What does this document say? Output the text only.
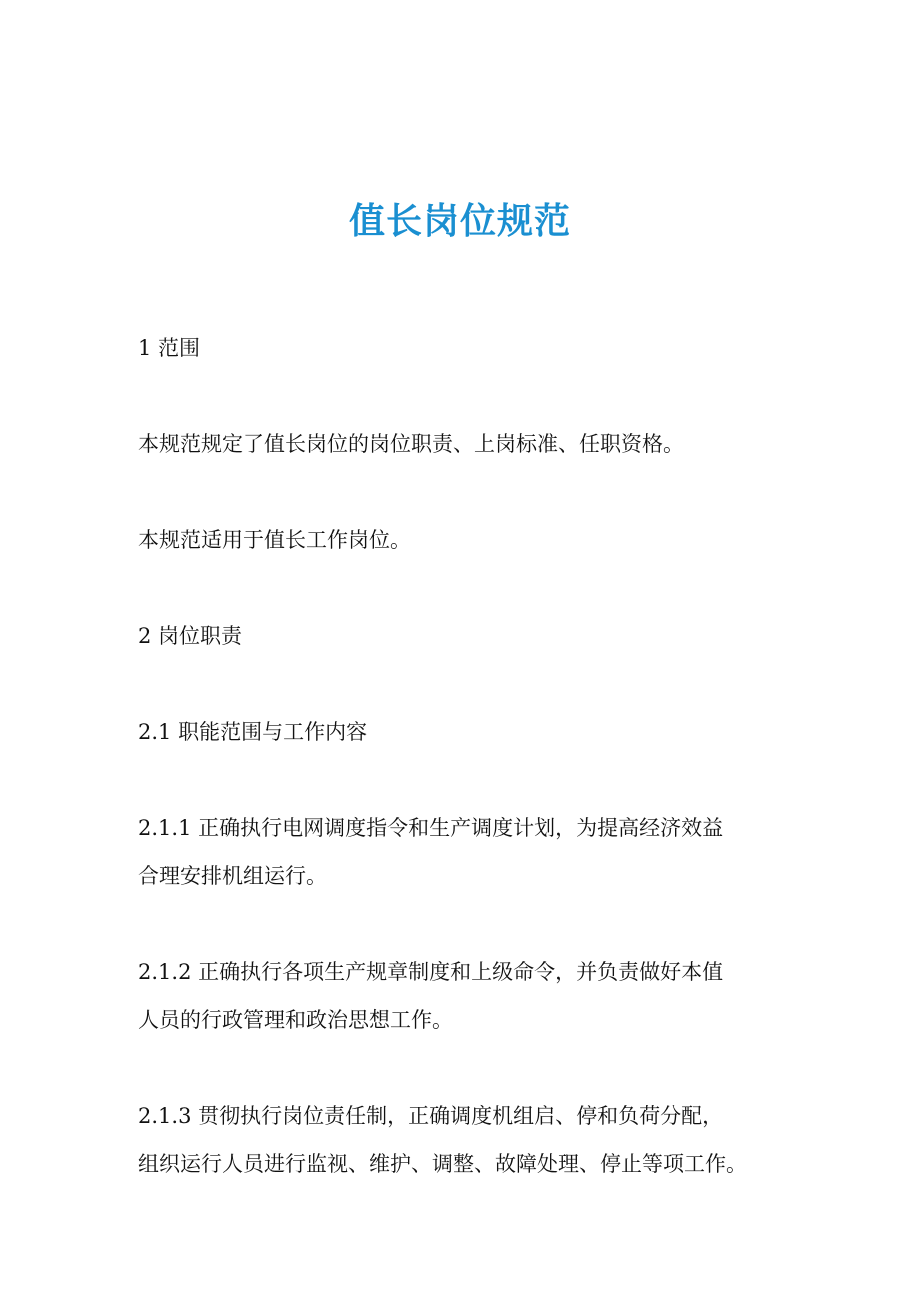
值长岗位规范

1 范围

本规范规定了值长岗位的岗位职责、上岗标准、任职资格。

本规范适用于值长工作岗位。

2 岗位职责

2.1 职能范围与工作内容

2.1.1 正确执行电网调度指令和生产调度计划，为提高经济效益
合理安排机组运行。

2.1.2 正确执行各项生产规章制度和上级命令，并负责做好本值
人员的行政管理和政治思想工作。

2.1.3 贯彻执行岗位责任制，正确调度机组启、停和负荷分配，
组织运行人员进行监视、维护、调整、故障处理、停止等项工作。
